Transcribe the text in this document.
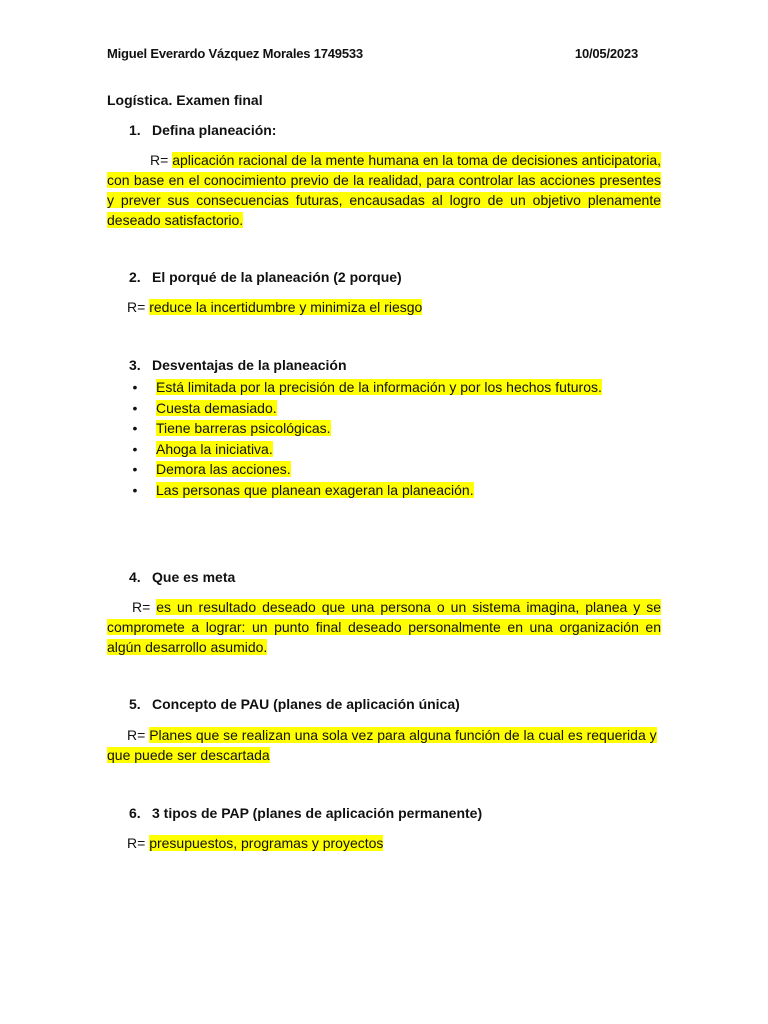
Miguel Everardo Vázquez Morales 1749533	10/05/2023
Logística. Examen final
1. Defina planeación:
R= aplicación racional de la mente humana en la toma de decisiones anticipatoria, con base en el conocimiento previo de la realidad, para controlar las acciones presentes y prever sus consecuencias futuras, encausadas al logro de un objetivo plenamente deseado satisfactorio.
2. El porqué de la planeación (2 porque)
R= reduce la incertidumbre y minimiza el riesgo
3. Desventajas de la planeación
• Está limitada por la precisión de la información y por los hechos futuros.
• Cuesta demasiado.
• Tiene barreras psicológicas.
• Ahoga la iniciativa.
• Demora las acciones.
• Las personas que planean exageran la planeación.
4. Que es meta
R= es un resultado deseado que una persona o un sistema imagina, planea y se compromete a lograr: un punto final deseado personalmente en una organización en algún desarrollo asumido.
5. Concepto de PAU (planes de aplicación única)
R= Planes que se realizan una sola vez para alguna función de la cual es requerida y que puede ser descartada
6. 3 tipos de PAP (planes de aplicación permanente)
R= presupuestos, programas y proyectos
